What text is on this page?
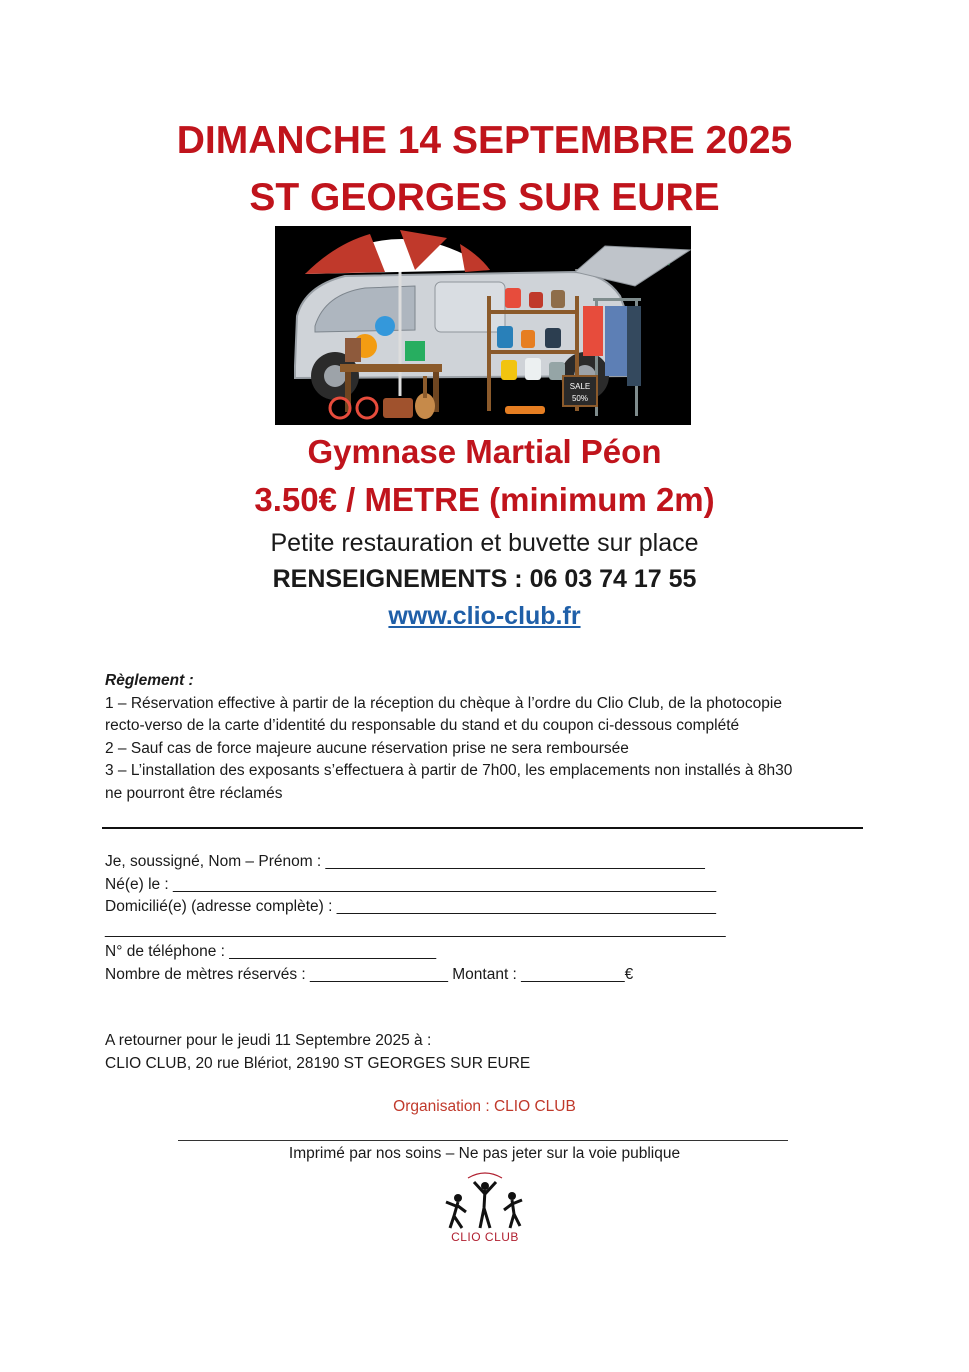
DIMANCHE 14 SEPTEMBRE 2025
ST GEORGES SUR EURE
SALE
50%
Gymnase Martial Péon
3.50€ / METRE (minimum 2m)
Petite restauration et buvette sur place
RENSEIGNEMENTS : 06 03 74 17 55
www.clio-club.fr
Règlement :
1 – Réservation effective à partir de la réception du chèque à l’ordre du Clio Club, de la photocopie
recto-verso de la carte d’identité du responsable du stand et du coupon ci-dessous complété
2 – Sauf cas de force majeure aucune réservation prise ne sera remboursée
3 – L’installation des exposants s’effectuera à partir de 7h00, les emplacements non installés à 8h30
ne pourront être réclamés
Je, soussigné, Nom – Prénom : ____________________________________________
Né(e) le : _______________________________________________________________
Domicilié(e) (adresse complète) : ____________________________________________
________________________________________________________________________
N° de téléphone : ________________________
Nombre de mètres réservés : ________________ Montant : ____________€
A retourner pour le jeudi 11 Septembre 2025 à :
CLIO CLUB, 20 rue Blériot, 28190 ST GEORGES SUR EURE
Organisation : CLIO CLUB
Imprimé par nos soins – Ne pas jeter sur la voie publique
CLIO CLUB
